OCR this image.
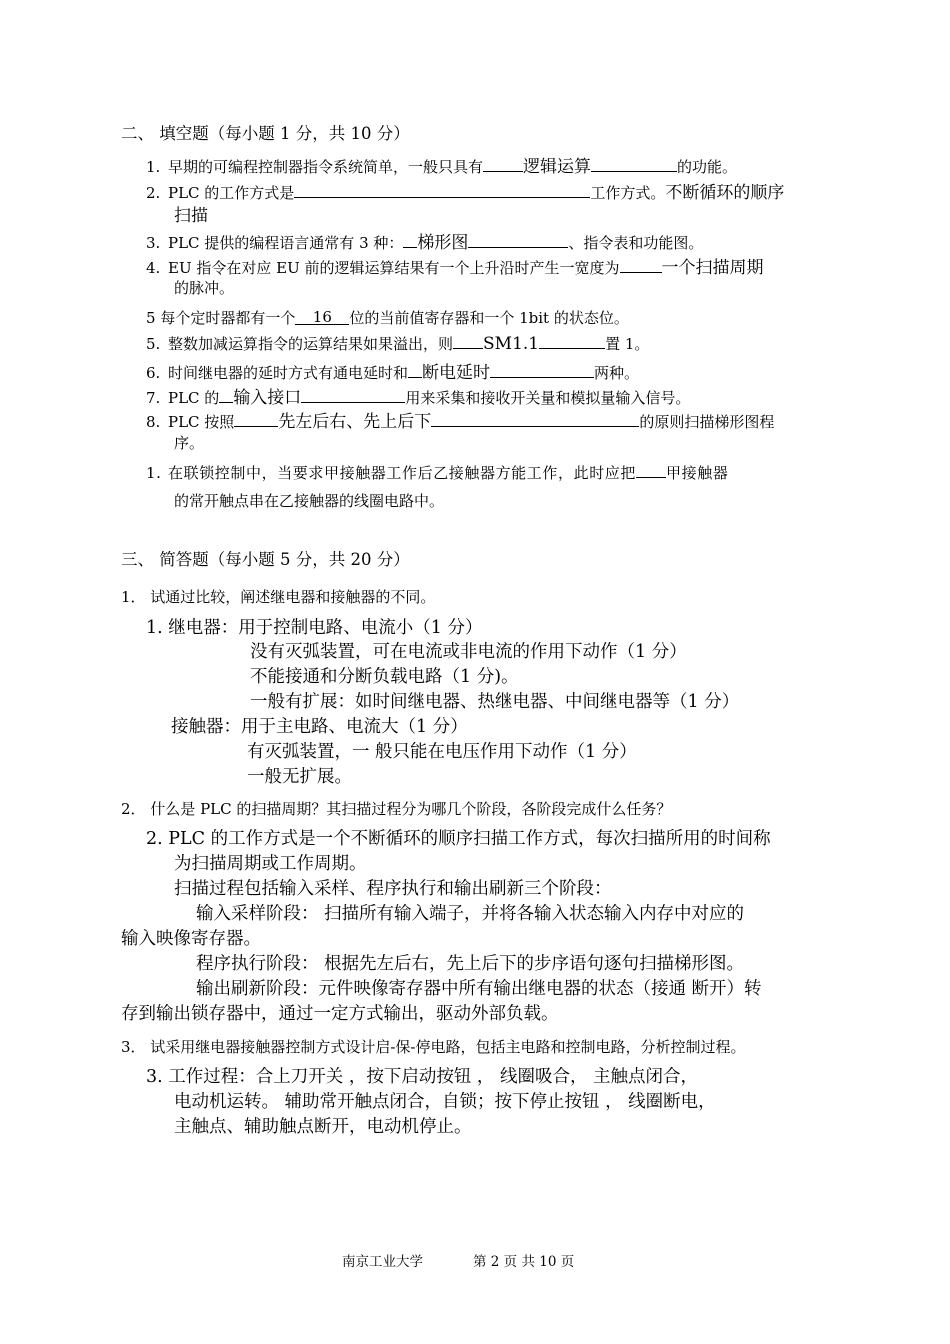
二、 填空题（每小题 1 分，共 10 分）
1. 早期的可编程控制器指令系统简单，一般只具有 逻辑运算	的功能。
2. PLC 的工作方式是	工作方式。不断循环的顺序
扫描
3. PLC 提供的编程语言通常有 3 种： 梯形图	、指令表和功能图。
4. EU 指令在对应 EU 前的逻辑运算结果有一个上升沿时产生一宽度为 一个扫描周期
的脉冲。
5 每个定时器都有一个 16 位的当前值寄存器和一个 1bit 的状态位。
5. 整数加减运算指令的运算结果如果溢出，则 SM1.1	置 1。
6. 时间继电器的延时方式有通电延时和 断电延时	两种。
7. PLC 的 输入接口	用来采集和接收开关量和模拟量输入信号。
8. PLC 按照	先左后右、先上后下	的原则扫描梯形图程
序。
1. 在联锁控制中，当要求甲接触器工作后乙接触器方能工作，此时应把 甲接触器
的常开触点串在乙接触器的线圈电路中。
三、 简答题（每小题 5 分，共 20 分）
1． 试通过比较，阐述继电器和接触器的不同。
1. 继电器：用于控制电路、电流小（1 分）
没有灭弧装置，可在电流或非电流的作用下动作（1 分）
不能接通和分断负载电路（1 分)。
一般有扩展：如时间继电器、热继电器、中间继电器等（1 分）
接触器：用于主电路、电流大（1 分）
有灭弧装置，一 般只能在电压作用下动作（1 分）
一般无扩展。
2． 什么是 PLC 的扫描周期？其扫描过程分为哪几个阶段，各阶段完成什么任务？
2. PLC 的工作方式是一个不断循环的顺序扫描工作方式，每次扫描所用的时间称
为扫描周期或工作周期。
扫描过程包括输入采样、程序执行和输出刷新三个阶段：
输入采样阶段： 扫描所有输入端子，并将各输入状态输入内存中对应的
输入映像寄存器。
程序执行阶段： 根据先左后右，先上后下的步序语句逐句扫描梯形图。
输出刷新阶段：元件映像寄存器中所有输出继电器的状态（接通 断开）转
存到输出锁存器中，通过一定方式输出，驱动外部负载。
3． 试采用继电器接触器控制方式设计启-保-停电路，包括主电路和控制电路，分析控制过程。
3. 工作过程：合上刀开关 ，按下启动按钮 ， 线圈吸合， 主触点闭合，
电动机运转。 辅助常开触点闭合，自锁；按下停止按钮 ， 线圈断电，
主触点、辅助触点断开，电动机停止。
南京工业大学	第 2 页 共 10 页
